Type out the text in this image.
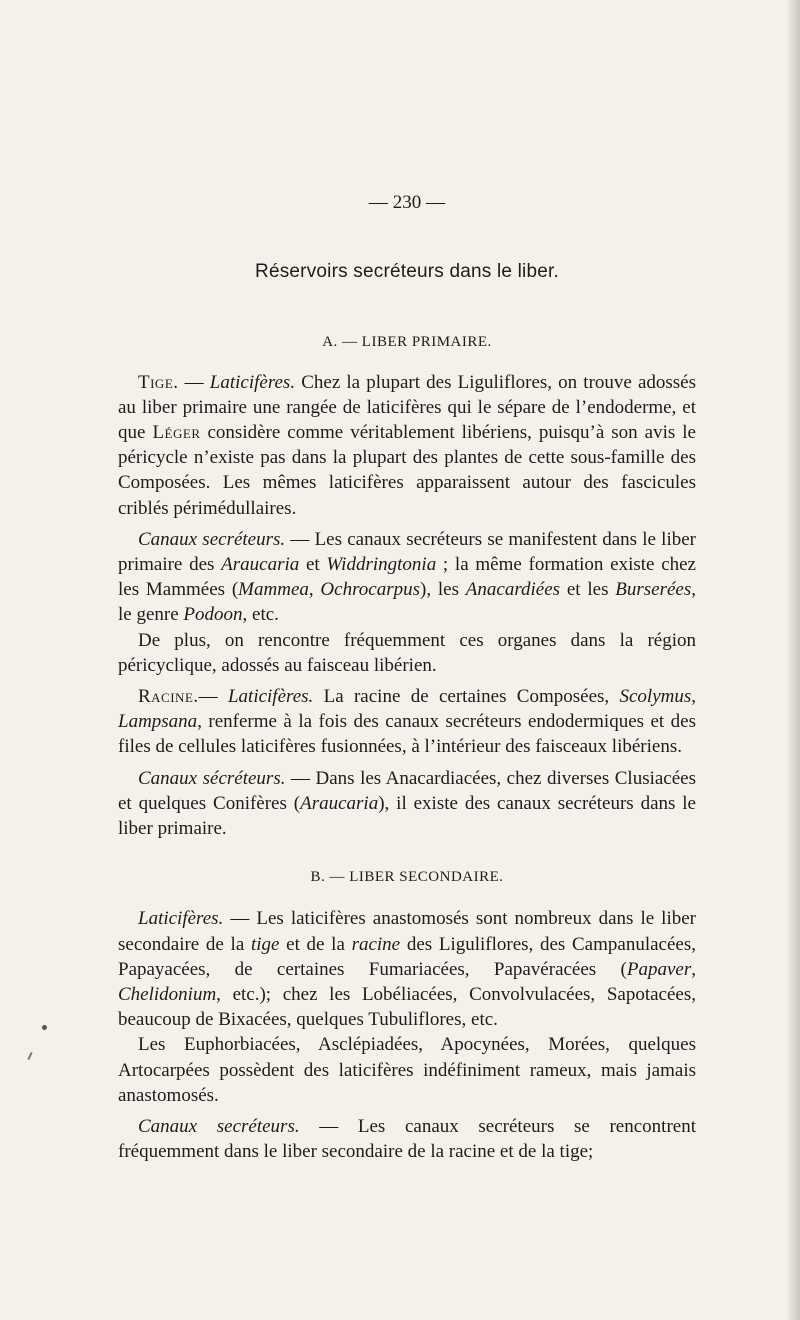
— 230 —
Réservoirs secréteurs dans le liber.
A. — LIBER PRIMAIRE.

Tige. — Laticifères. Chez la plupart des Liguliflores, on trouve adossés au liber primaire une rangée de laticifères qui le sépare de l’endoderme, et que Léger considère comme véritablement libériens, puisqu’à son avis le péricycle n’existe pas dans la plupart des plantes de cette sous-famille des Composées. Les mêmes laticifères apparaissent autour des fascicules criblés périmédullaires.

Canaux secréteurs. — Les canaux secréteurs se manifestent dans le liber primaire des Araucaria et Widdringtonia ; la même formation existe chez les Mammées (Mammea, Ochrocarpus), les Anacardiées et les Burserées, le genre Podoon, etc.

De plus, on rencontre fréquemment ces organes dans la région péricyclique, adossés au faisceau libérien.

Racine.— Laticifères. La racine de certaines Composées, Scolymus, Lampsana, renferme à la fois des canaux secréteurs endodermiques et des files de cellules laticifères fusionnées, à l’intérieur des faisceaux libériens.

Canaux sécréteurs. — Dans les Anacardiacées, chez diverses Clusiacées et quelques Conifères (Araucaria), il existe des canaux secréteurs dans le liber primaire.

B. — LIBER SECONDAIRE.

Laticifères. — Les laticifères anastomosés sont nombreux dans le liber secondaire de la tige et de la racine des Liguliflores, des Campanulacées, Papayacées, de certaines Fumariacées, Papavéracées (Papaver, Chelidonium, etc.); chez les Lobéliacées, Convolvulacées, Sapotacées, beaucoup de Bixacées, quelques Tubuliflores, etc.

Les Euphorbiacées, Asclépiadées, Apocynées, Morées, quelques Artocarpées possèdent des laticifères indéfiniment rameux, mais jamais anastomosés.

Canaux secréteurs. — Les canaux secréteurs se rencontrent fréquemment dans le liber secondaire de la racine et de la tige;
